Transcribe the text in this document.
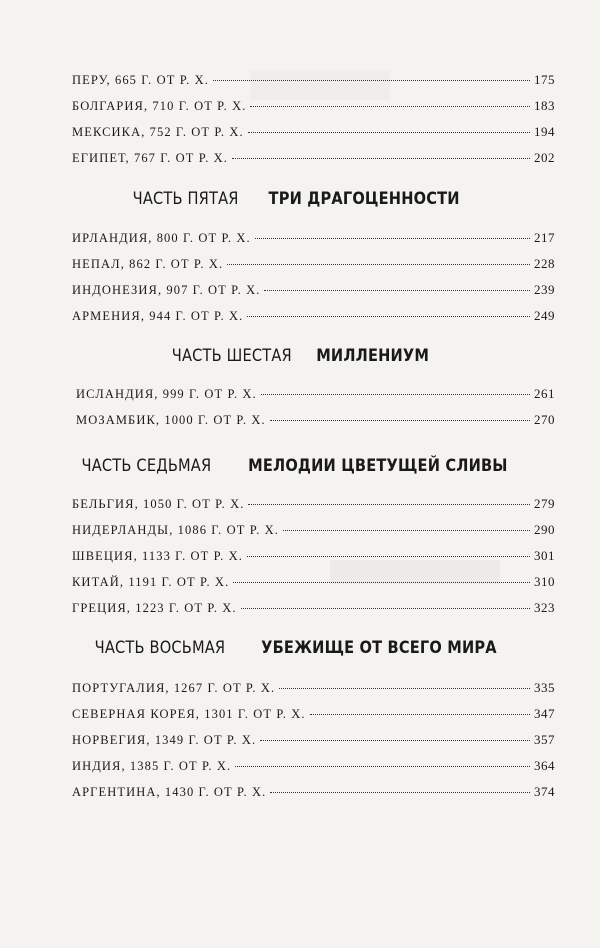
ПЕРУ, 665 Г. ОТ Р. Х.	175
БОЛГАРИЯ, 710 Г. ОТ Р. Х.	183
МЕКСИКА, 752 Г. ОТ Р. Х.	194
ЕГИПЕТ, 767 Г. ОТ Р. Х.	202
ЧАСТЬ ПЯТАЯ ТРИ ДРАГОЦЕННОСТИ
ИРЛАНДИЯ, 800 Г. ОТ Р. Х.	217
НЕПАЛ, 862 Г. ОТ Р. Х.	228
ИНДОНЕЗИЯ, 907 Г. ОТ Р. Х.	239
АРМЕНИЯ, 944 Г. ОТ Р. Х.	249
ЧАСТЬ ШЕСТАЯ МИЛЛЕНИУМ
ИСЛАНДИЯ, 999 Г. ОТ Р. Х.	261
МОЗАМБИК, 1000 Г. ОТ Р. Х.	270
ЧАСТЬ СЕДЬМАЯ МЕЛОДИИ ЦВЕТУЩЕЙ СЛИВЫ
БЕЛЬГИЯ, 1050 Г. ОТ Р. Х.	279
НИДЕРЛАНДЫ, 1086 Г. ОТ Р. Х.	290
ШВЕЦИЯ, 1133 Г. ОТ Р. Х.	301
КИТАЙ, 1191 Г. ОТ Р. Х.	310
ГРЕЦИЯ, 1223 Г. ОТ Р. Х.	323
ЧАСТЬ ВОСЬМАЯ УБЕЖИЩЕ ОТ ВСЕГО МИРА
ПОРТУГАЛИЯ, 1267 Г. ОТ Р. Х.	335
СЕВЕРНАЯ КОРЕЯ, 1301 Г. ОТ Р. Х.	347
НОРВЕГИЯ, 1349 Г. ОТ Р. Х.	357
ИНДИЯ, 1385 Г. ОТ Р. Х.	364
АРГЕНТИНА, 1430 Г. ОТ Р. Х.	374
